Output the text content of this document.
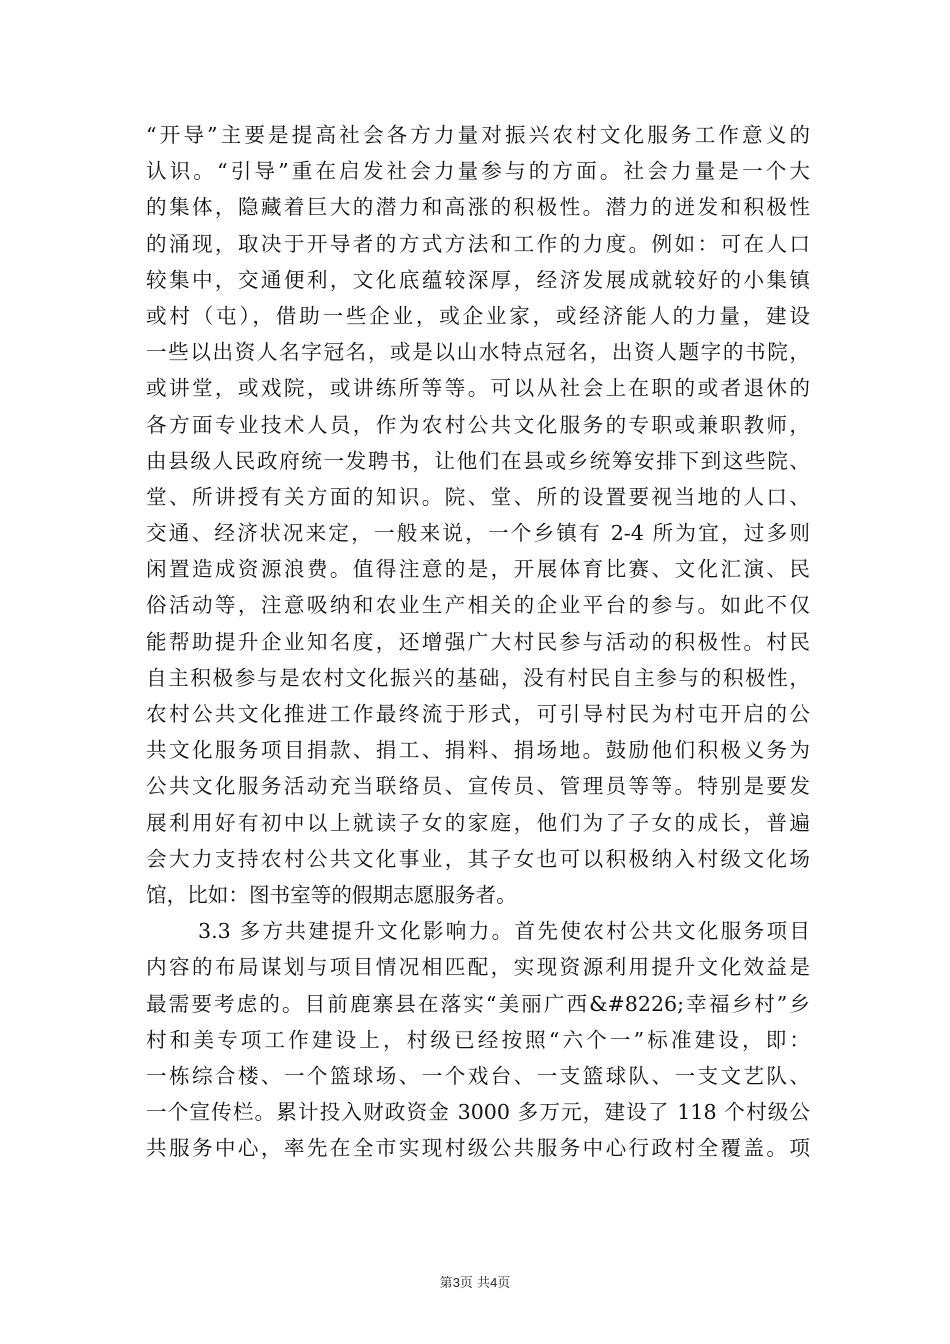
“开导”主要是提高社会各方力量对振兴农村文化服务工作意义的
认识。“引导”重在启发社会力量参与的方面。社会力量是一个大
的集体，隐藏着巨大的潜力和高涨的积极性。潜力的迸发和积极性
的涌现，取决于开导者的方式方法和工作的力度。例如：可在人口
较集中，交通便利，文化底蕴较深厚，经济发展成就较好的小集镇
或村（屯），借助一些企业，或企业家，或经济能人的力量，建设
一些以出资人名字冠名，或是以山水特点冠名，出资人题字的书院，
或讲堂，或戏院，或讲练所等等。可以从社会上在职的或者退休的
各方面专业技术人员，作为农村公共文化服务的专职或兼职教师，
由县级人民政府统一发聘书，让他们在县或乡统筹安排下到这些院、
堂、所讲授有关方面的知识。院、堂、所的设置要视当地的人口、
交通、经济状况来定，一般来说，一个乡镇有 2-4 所为宜，过多则
闲置造成资源浪费。值得注意的是，开展体育比赛、文化汇演、民
俗活动等，注意吸纳和农业生产相关的企业平台的参与。如此不仅
能帮助提升企业知名度，还增强广大村民参与活动的积极性。村民
自主积极参与是农村文化振兴的基础，没有村民自主参与的积极性，
农村公共文化推进工作最终流于形式，可引导村民为村屯开启的公
共文化服务项目捐款、捐工、捐料、捐场地。鼓励他们积极义务为
公共文化服务活动充当联络员、宣传员、管理员等等。特别是要发
展利用好有初中以上就读子女的家庭，他们为了子女的成长，普遍
会大力支持农村公共文化事业，其子女也可以积极纳入村级文化场
馆，比如：图书室等的假期志愿服务者。
3.3 多方共建提升文化影响力。首先使农村公共文化服务项目
内容的布局谋划与项目情况相匹配，实现资源利用提升文化效益是
最需要考虑的。目前鹿寨县在落实“美丽广西&#8226;幸福乡村”乡
村和美专项工作建设上，村级已经按照“六个一”标准建设，即：
一栋综合楼、一个篮球场、一个戏台、一支篮球队、一支文艺队、
一个宣传栏。累计投入财政资金 3000 多万元，建设了 118 个村级公
共服务中心，率先在全市实现村级公共服务中心行政村全覆盖。项
第3页 共4页
